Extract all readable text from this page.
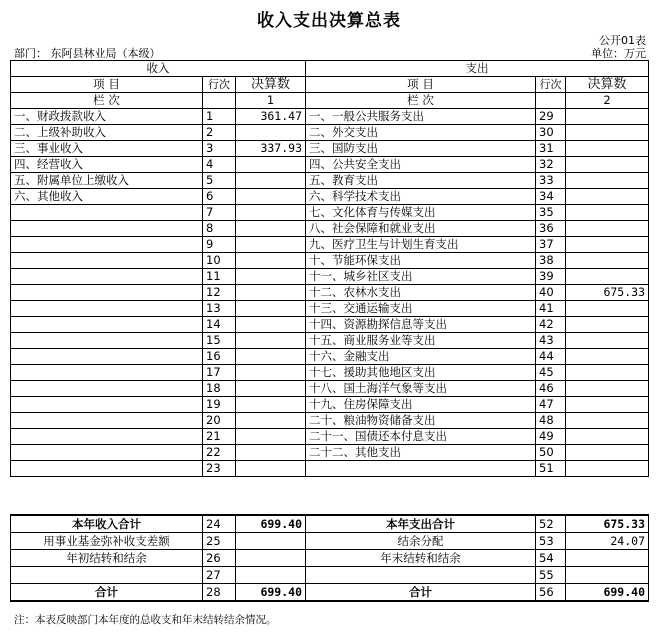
收入支出决算总表
公开01表
部门： 东阿县林业局（本级）	单位：万元
收入			支出		
项 目	行次	决算数	项 目	行次	决算数
栏 次		1	栏 次		2
一、财政拨款收入	1	361.47	一、一般公共服务支出	29	
二、上级补助收入	2		二、外交支出	30	
三、事业收入	3	337.93	三、国防支出	31	
四、经营收入	4		四、公共安全支出	32	
五、附属单位上缴收入	5		五、教育支出	33	
六、其他收入	6		六、科学技术支出	34	
	7		七、文化体育与传媒支出	35	
	8		八、社会保障和就业支出	36	
	9		九、医疗卫生与计划生育支出	37	
	10		十、节能环保支出	38	
	11		十一、城乡社区支出	39	
	12		十二、农林水支出	40	675.33
	13		十三、交通运输支出	41	
	14		十四、资源勘探信息等支出	42	
	15		十五、商业服务业等支出	43	
	16		十六、金融支出	44	
	17		十七、援助其他地区支出	45	
	18		十八、国土海洋气象等支出	46	
	19		十九、住房保障支出	47	
	20		二十、粮油物资储备支出	48	
	21		二十一、国债还本付息支出	49	
	22		二十二、其他支出	50	
	23			51	
本年收入合计	24	699.40	本年支出合计	52	675.33
用事业基金弥补收支差额	25		结余分配	53	24.07
年初结转和结余	26		年末结转和结余	54	
	27			55	
合计	28	699.40	合计	56	699.40
注：本表反映部门本年度的总收支和年末结转结余情况。
